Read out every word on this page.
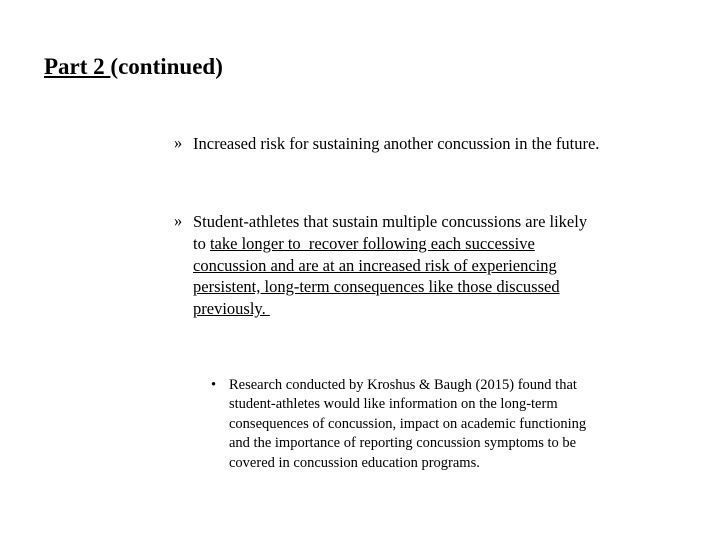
Part 2 (continued)
» Increased risk for sustaining another concussion in the future.
» Student-athletes that sustain multiple concussions are likely
to take longer to  recover following each successive
concussion and are at an increased risk of experiencing
persistent, long-term consequences like those discussed
previously.
• Research conducted by Kroshus & Baugh (2015) found that
student-athletes would like information on the long-term
consequences of concussion, impact on academic functioning
and the importance of reporting concussion symptoms to be
covered in concussion education programs.
